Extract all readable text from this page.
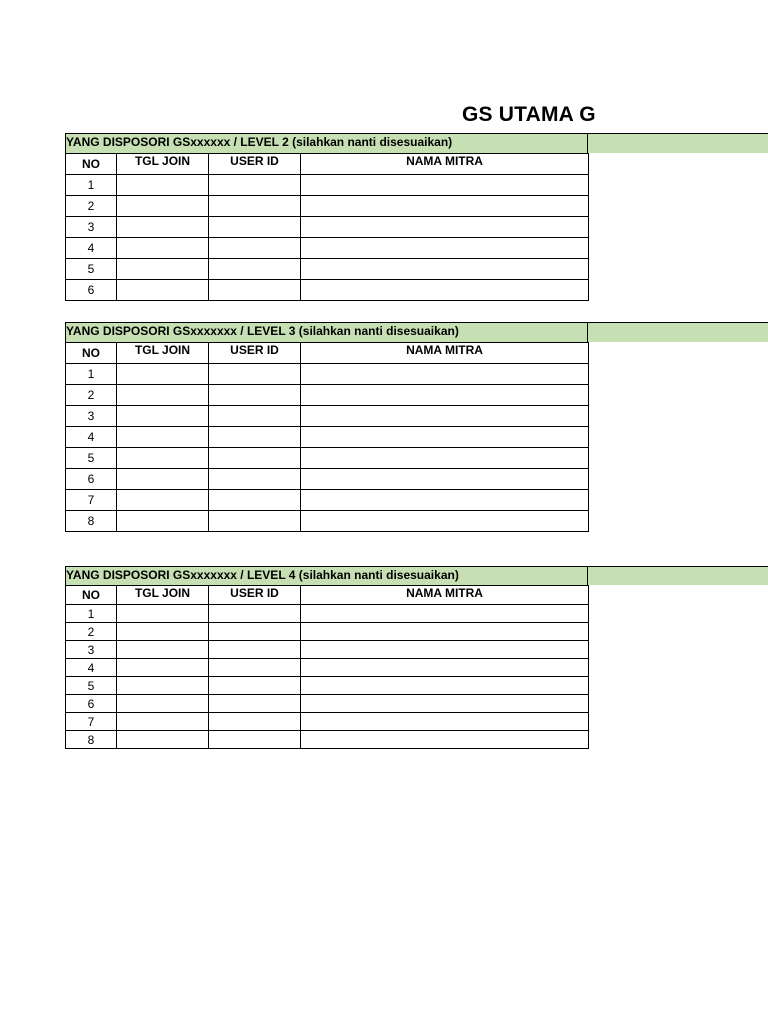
GS UTAMA G
YANG DISPOSORI GSxxxxxx / LEVEL 2 (silahkan nanti disesuaikan)
NO	TGL JOIN	USER ID	NAMA MITRA
1			
2			
3			
4			
5			
6			
YANG DISPOSORI GSxxxxxxx / LEVEL 3 (silahkan nanti disesuaikan)
NO	TGL JOIN	USER ID	NAMA MITRA
1			
2			
3			
4			
5			
6			
7			
8			
YANG DISPOSORI GSxxxxxxx / LEVEL 4 (silahkan nanti disesuaikan)
NO	TGL JOIN	USER ID	NAMA MITRA
1			
2			
3			
4			
5			
6			
7			
8			
